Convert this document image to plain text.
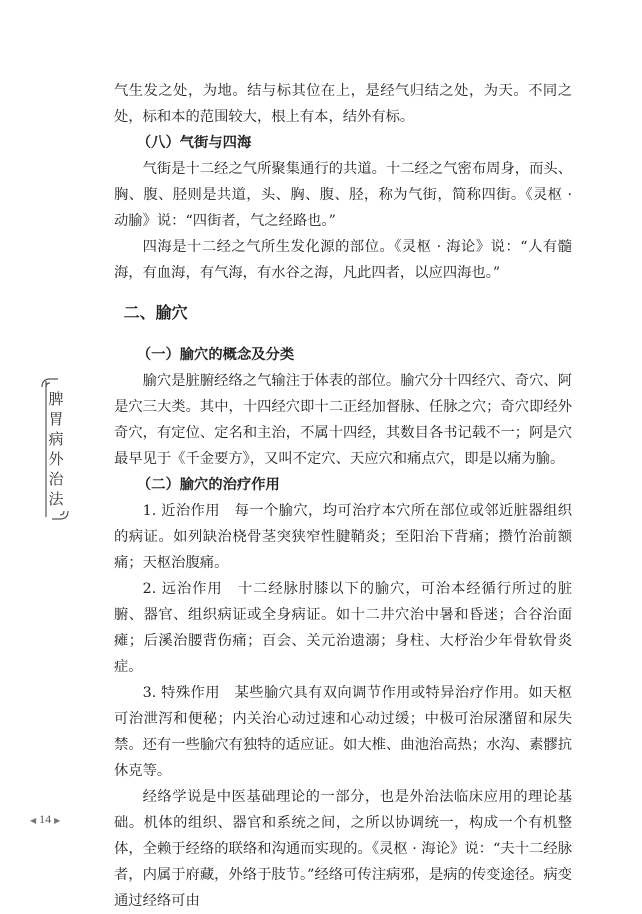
脾
胃
病
外
治
法

气生发之处，为地。结与标其位在上，是经气归结之处，为天。不同之处，标和本的范围较大，根上有本，结外有标。

（八）气街与四海

气街是十二经之气所聚集通行的共道。十二经之气密布周身，而头、胸、腹、胫则是共道，头、胸、腹、胫，称为气街，简称四街。《灵枢 · 动腧》说：“四街者，气之经路也。”

四海是十二经之气所生发化源的部位。《灵枢 · 海论》说：“人有髓海，有血海，有气海，有水谷之海，凡此四者，以应四海也。”

二、腧穴
（一）腧穴的概念及分类

腧穴是脏腑经络之气输注于体表的部位。腧穴分十四经穴、奇穴、阿是穴三大类。其中，十四经穴即十二正经加督脉、任脉之穴；奇穴即经外奇穴，有定位、定名和主治，不属十四经，其数目各书记载不一；阿是穴最早见于《千金要方》，又叫不定穴、天应穴和痛点穴，即是以痛为腧。

（二）腧穴的治疗作用

1. 近治作用　每一个腧穴，均可治疗本穴所在部位或邻近脏器组织的病证。如列缺治桡骨茎突狭窄性腱鞘炎；至阳治下背痛；攒竹治前额痛；天枢治腹痛。

2. 远治作用　十二经脉肘膝以下的腧穴，可治本经循行所过的脏腑、器官、组织病证或全身病证。如十二井穴治中暑和昏迷；合谷治面瘫；后溪治腰背伤痛；百会、关元治遗溺；身柱、大杼治少年骨软骨炎症。

3. 特殊作用　某些腧穴具有双向调节作用或特异治疗作用。如天枢可治泄泻和便秘；内关治心动过速和心动过缓；中极可治尿潴留和尿失禁。还有一些腧穴有独特的适应证。如大椎、曲池治高热；水沟、素髎抗休克等。

经络学说是中医基础理论的一部分，也是外治法临床应用的理论基础。机体的组织、器官和系统之间，之所以协调统一，构成一个有机整体，全赖于经络的联络和沟通而实现的。《灵枢 · 海论》说：“夫十二经脉者，内属于府藏，外络于肢节。”经络可传注病邪，是病的传变途径。病变通过经络可由

◀ 14 ▶
